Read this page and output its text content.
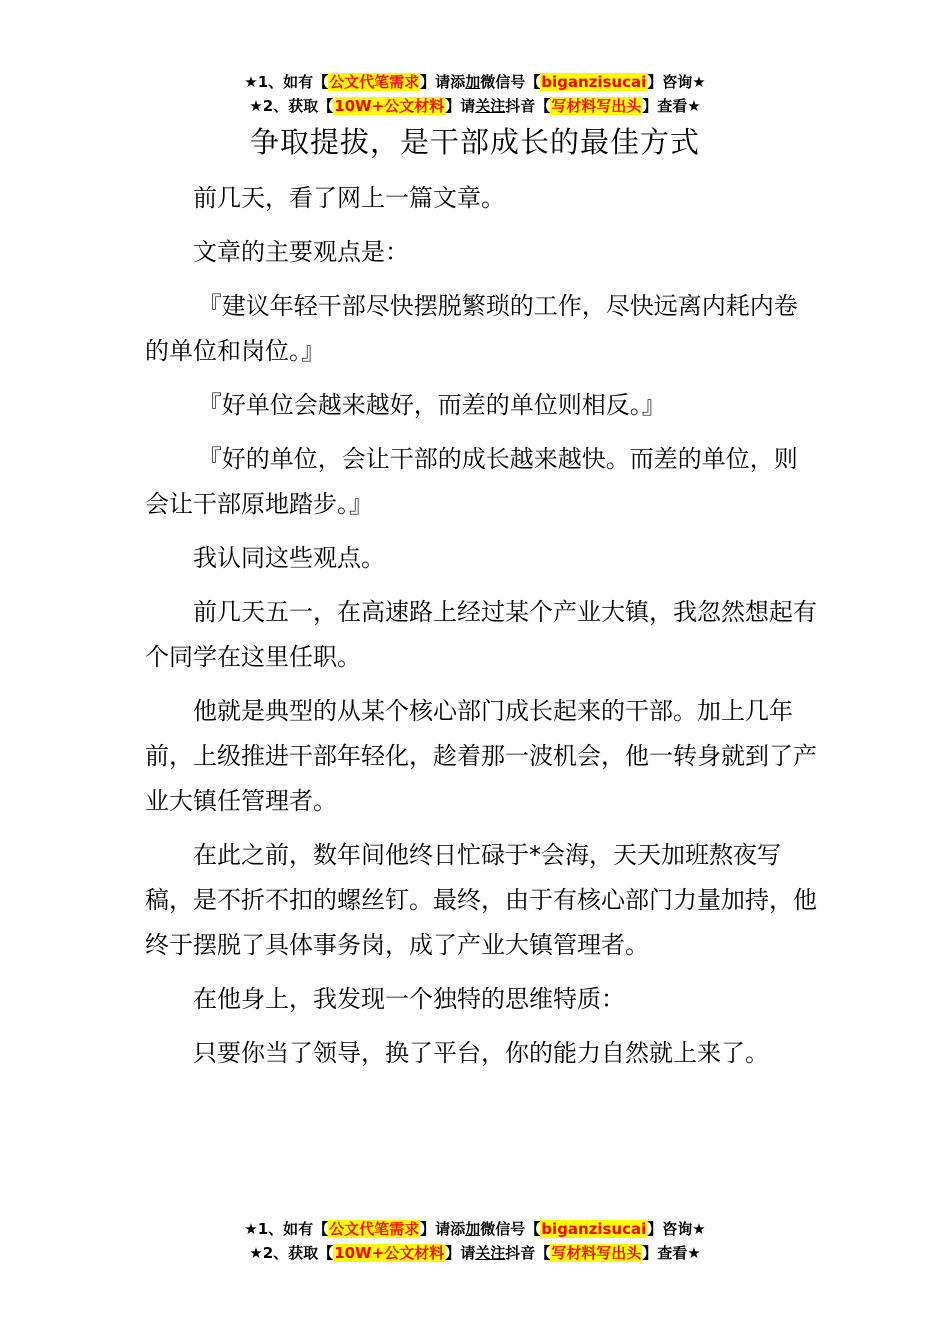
★1、如有【公文代笔需求】请添加微信号【biganzisucai】咨询★
★2、获取【10W+公文材料】请关注抖音【写材料写出头】查看★
争取提拔，是干部成长的最佳方式

前几天，看了网上一篇文章。

文章的主要观点是：

『建议年轻干部尽快摆脱繁琐的工作，尽快远离内耗内卷的单位和岗位。』

『好单位会越来越好，而差的单位则相反。』

『好的单位，会让干部的成长越来越快。而差的单位，则会让干部原地踏步。』

我认同这些观点。

前几天五一，在高速路上经过某个产业大镇，我忽然想起有个同学在这里任职。

他就是典型的从某个核心部门成长起来的干部。加上几年前，上级推进干部年轻化，趁着那一波机会，他一转身就到了产业大镇任管理者。

在此之前，数年间他终日忙碌于*会海，天天加班熬夜写稿，是不折不扣的螺丝钉。最终，由于有核心部门力量加持，他终于摆脱了具体事务岗，成了产业大镇管理者。

在他身上，我发现一个独特的思维特质：

只要你当了领导，换了平台，你的能力自然就上来了。

★1、如有【公文代笔需求】请添加微信号【biganzisucai】咨询★
★2、获取【10W+公文材料】请关注抖音【写材料写出头】查看★
